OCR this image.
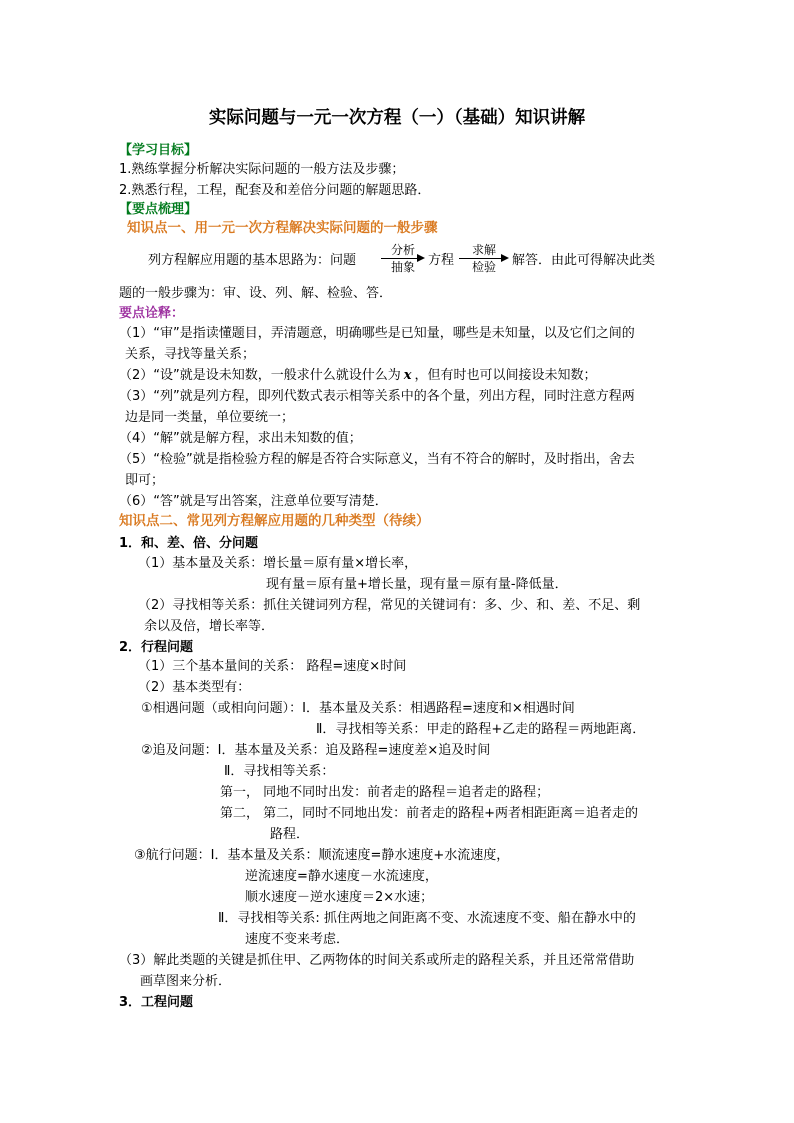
实际问题与一元一次方程（一）（基础）知识讲解
【学习目标】
1.熟练掌握分析解决实际问题的一般方法及步骤；
2.熟悉行程，工程，配套及和差倍分问题的解题思路．
【要点梳理】
知识点一、用一元一次方程解决实际问题的一般步骤
列方程解应用题的基本思路为：问题
分析
抽象	方程
求解
检验	解答．由此可得解决此类
题的一般步骤为：审、设、列、解、检验、答．
要点诠释：
（1）“审”是指读懂题目，弄清题意，明确哪些是已知量，哪些是未知量，以及它们之间的
关系，寻找等量关系；
（2）“设”就是设未知数，一般求什么就设什么为 x ，但有时也可以间接设未知数；
（3）“列”就是列方程，即列代数式表示相等关系中的各个量，列出方程，同时注意方程两
边是同一类量，单位要统一；
（4）“解”就是解方程，求出未知数的值；
（5）“检验”就是指检验方程的解是否符合实际意义，当有不符合的解时，及时指出，舍去
即可；
（6）“答”就是写出答案，注意单位要写清楚．
知识点二、常见列方程解应用题的几种类型（待续）
1．和、差、倍、分问题
（1）基本量及关系：增长量＝原有量×增长率，
现有量＝原有量+增长量，现有量＝原有量-降低量．
（2）寻找相等关系：抓住关键词列方程，常见的关键词有：多、少、和、差、不足、剩
余以及倍，增长率等．
2．行程问题
（1）三个基本量间的关系： 路程=速度×时间
（2）基本类型有：
①相遇问题（或相向问题）：Ⅰ．基本量及关系：相遇路程=速度和×相遇时间
Ⅱ．寻找相等关系：甲走的路程+乙走的路程＝两地距离．
②追及问题：Ⅰ．基本量及关系：追及路程=速度差×追及时间
Ⅱ．寻找相等关系：
第一， 同地不同时出发：前者走的路程＝追者走的路程；
第二， 第二，同时不同地出发：前者走的路程+两者相距距离＝追者走的
路程．
③航行问题：Ⅰ．基本量及关系：顺流速度=静水速度+水流速度，
逆流速度=静水速度－水流速度，
顺水速度－逆水速度＝2×水速；
Ⅱ．寻找相等关系: 抓住两地之间距离不变、水流速度不变、船在静水中的
速度不变来考虑．
（3）解此类题的关键是抓住甲、乙两物体的时间关系或所走的路程关系，并且还常常借助
画草图来分析．
3．工程问题
